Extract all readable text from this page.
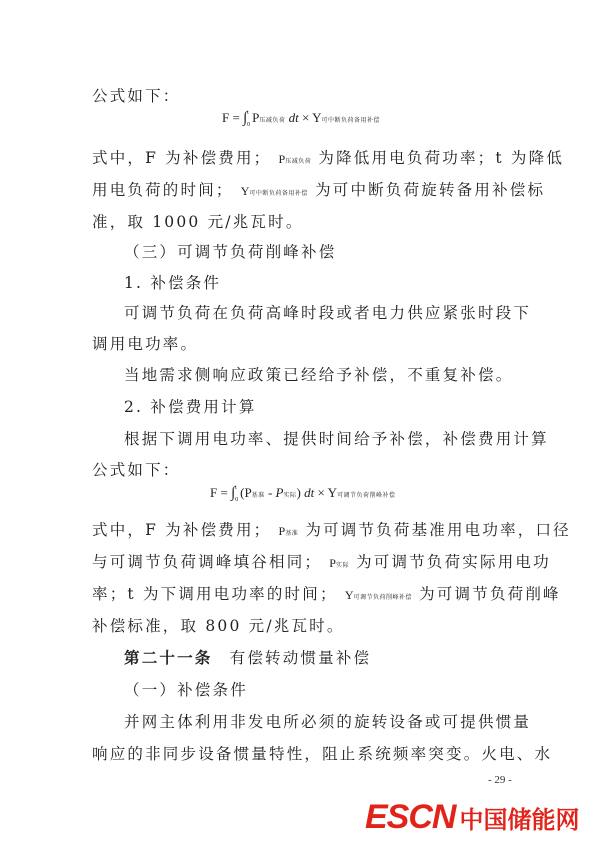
公式如下：
$F = \int_0^t$ P压减负荷 dt × Y可中断负荷备用补偿
式中，F 为补偿费用； P压减负荷 为降低用电负荷功率；t 为降低
用电负荷的时间； Y可中断负荷备用补偿 为可中断负荷旋转备用补偿标
准，取 1000 元/兆瓦时。
（三）可调节负荷削峰补偿
1. 补偿条件
可调节负荷在负荷高峰时段或者电力供应紧张时段下
调用电功率。
当地需求侧响应政策已经给予补偿，不重复补偿。
2. 补偿费用计算
根据下调用电功率、提供时间给予补偿，补偿费用计算
公式如下：
$F = \int_0^t$ (P基准 - P实际) dt × Y可调节负荷削峰补偿
式中，F 为补偿费用； P基准 为可调节负荷基准用电功率，口径
与可调节负荷调峰填谷相同； P实际 为可调节负荷实际用电功
率；t 为下调用电功率的时间； Y可调节负荷削峰补偿 为可调节负荷削峰
补偿标准，取 800 元/兆瓦时。
第二十一条 有偿转动惯量补偿
（一）补偿条件
并网主体利用非发电所必须的旋转设备或可提供惯量
响应的非同步设备惯量特性，阻止系统频率突变。火电、水
- 29 -
ESCN 中国储能网
